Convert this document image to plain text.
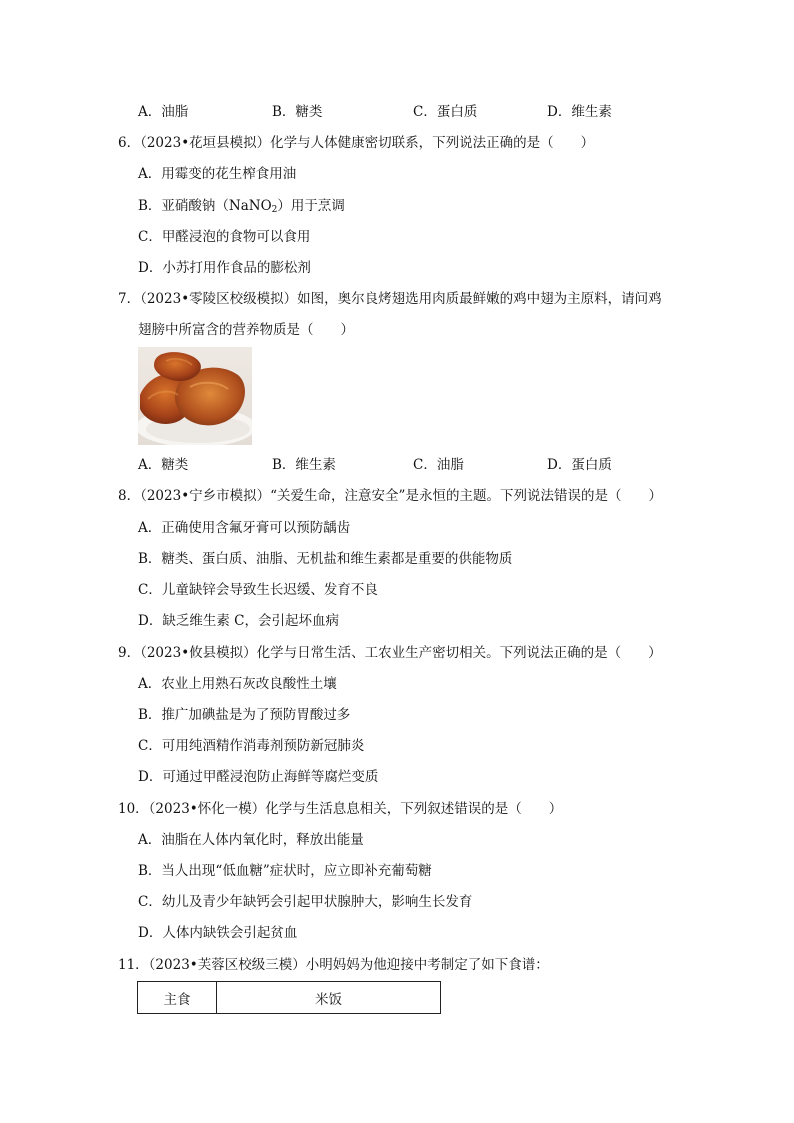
A．油脂	B．糖类	C．蛋白质	D．维生素
6．（2023•花垣县模拟）化学与人体健康密切联系，下列说法正确的是（　　）
A．用霉变的花生榨食用油
B．亚硝酸钠（NaNO$_2$）用于烹调
C．甲醛浸泡的食物可以食用
D．小苏打用作食品的膨松剂
7．（2023•零陵区校级模拟）如图，奥尔良烤翅选用肉质最鲜嫩的鸡中翅为主原料，请问鸡
翅膀中所富含的营养物质是（　　）
A．糖类	B．维生素	C．油脂	D．蛋白质
8．（2023•宁乡市模拟）“关爱生命，注意安全”是永恒的主题。下列说法错误的是（　　）
A．正确使用含氟牙膏可以预防龋齿
B．糖类、蛋白质、油脂、无机盐和维生素都是重要的供能物质
C．儿童缺锌会导致生长迟缓、发育不良
D．缺乏维生素 C，会引起坏血病
9．（2023•攸县模拟）化学与日常生活、工农业生产密切相关。下列说法正确的是（　　）
A．农业上用熟石灰改良酸性土壤
B．推广加碘盐是为了预防胃酸过多
C．可用纯酒精作消毒剂预防新冠肺炎
D．可通过甲醛浸泡防止海鲜等腐烂变质
10．（2023•怀化一模）化学与生活息息相关，下列叙述错误的是（　　）
A．油脂在人体内氧化时，释放出能量
B．当人出现“低血糖”症状时，应立即补充葡萄糖
C．幼儿及青少年缺钙会引起甲状腺肿大，影响生长发育
D．人体内缺铁会引起贫血
11．（2023•芙蓉区校级三模）小明妈妈为他迎接中考制定了如下食谱：
主食	米饭
